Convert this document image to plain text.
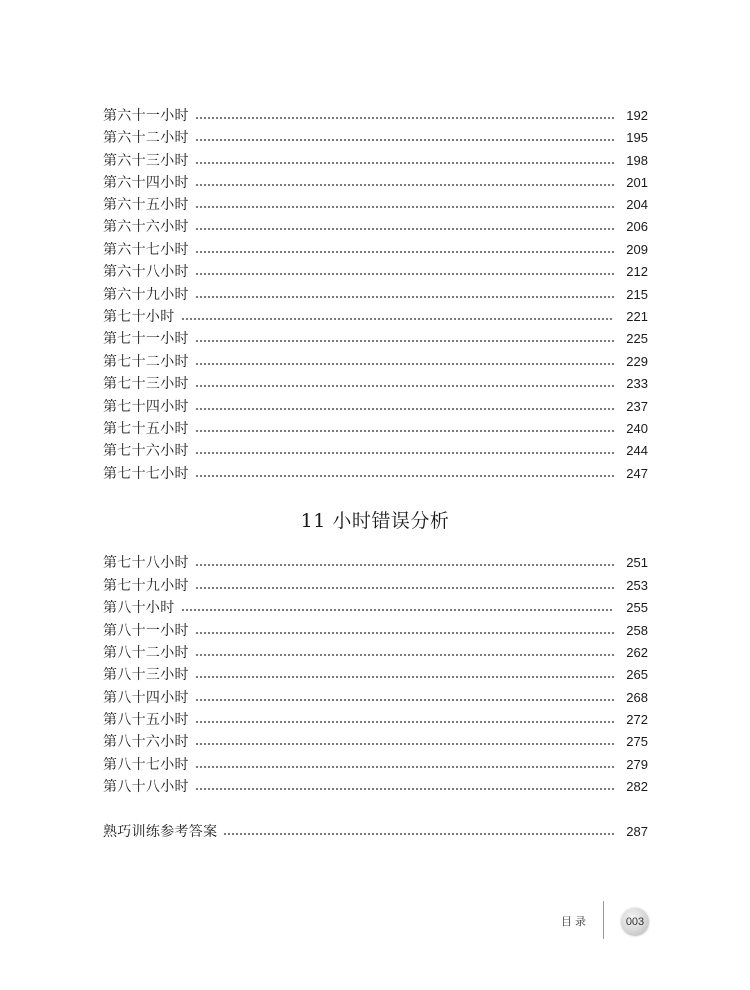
第六十一小时	192
第六十二小时	195
第六十三小时	198
第六十四小时	201
第六十五小时	204
第六十六小时	206
第六十七小时	209
第六十八小时	212
第六十九小时	215
第七十小时	221
第七十一小时	225
第七十二小时	229
第七十三小时	233
第七十四小时	237
第七十五小时	240
第七十六小时	244
第七十七小时	247
11 小时错误分析
第七十八小时	251
第七十九小时	253
第八十小时	255
第八十一小时	258
第八十二小时	262
第八十三小时	265
第八十四小时	268
第八十五小时	272
第八十六小时	275
第八十七小时	279
第八十八小时	282
熟巧训练参考答案	287
目录	003
